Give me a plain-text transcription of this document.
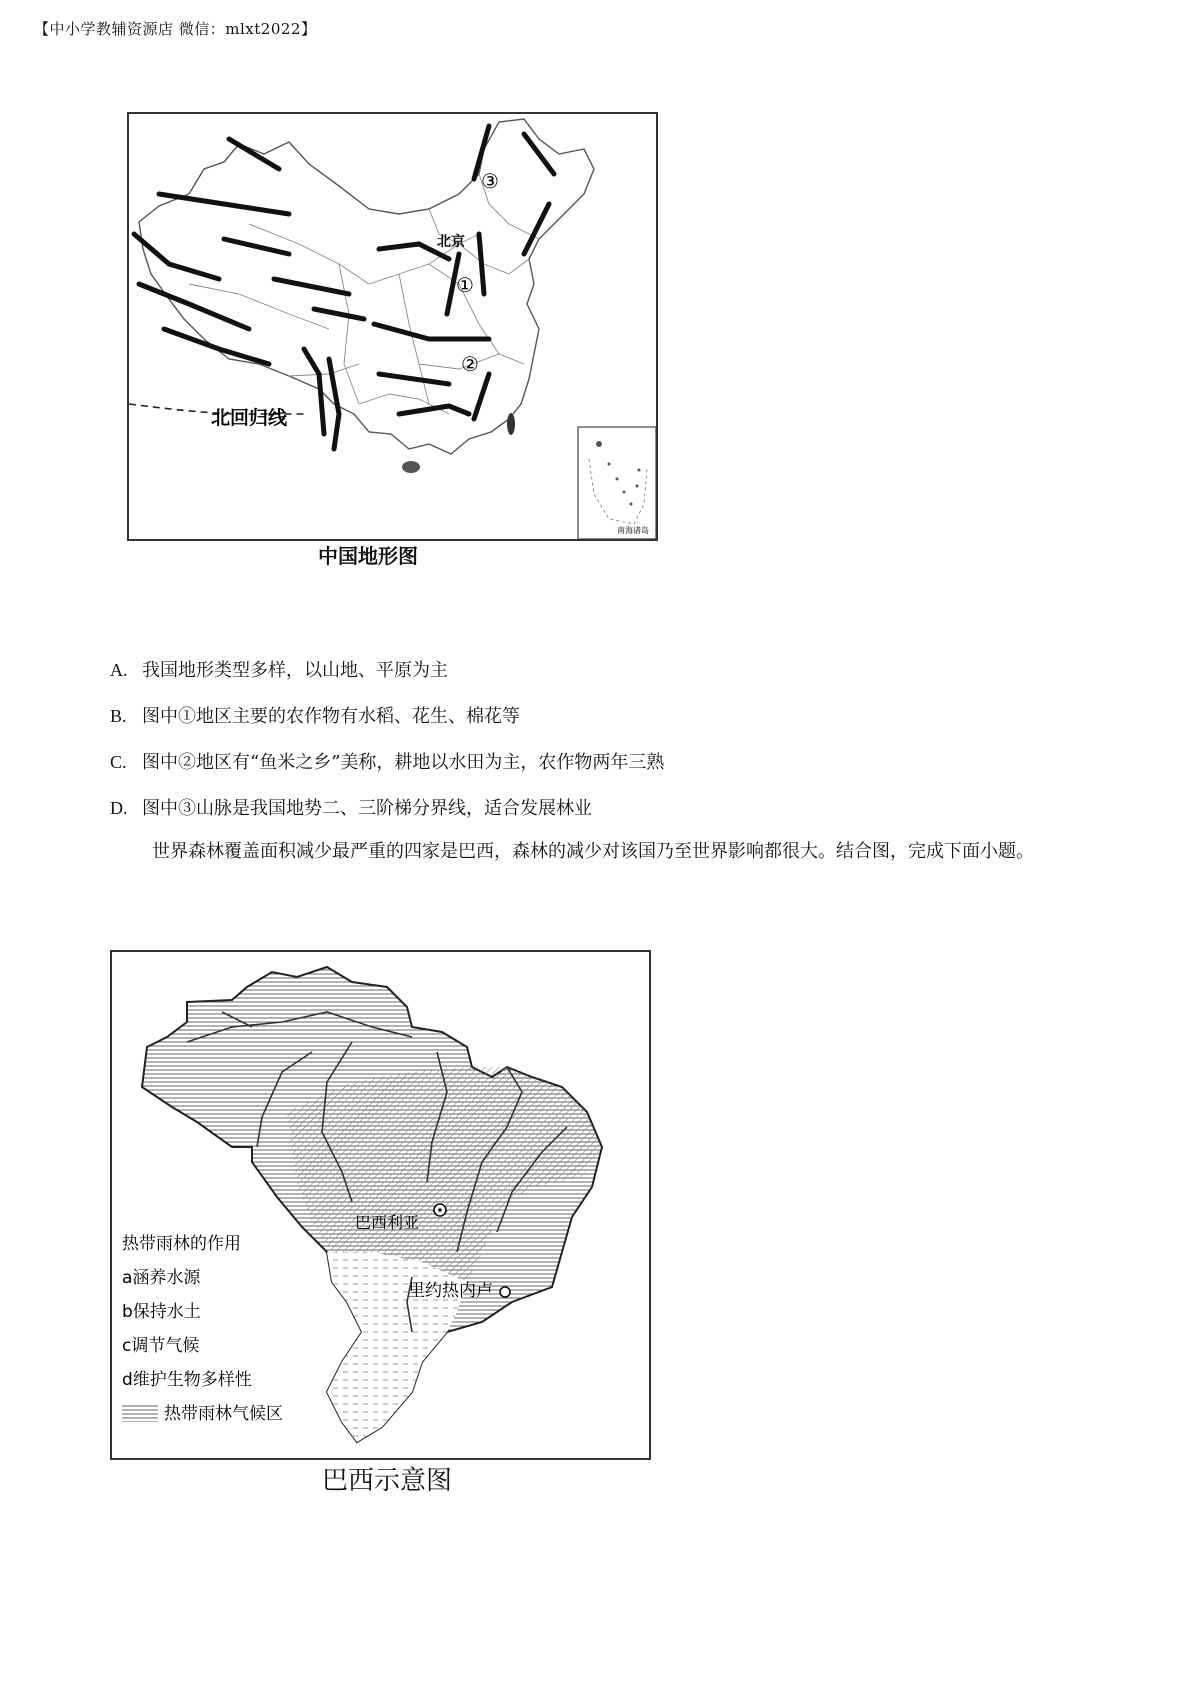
【中小学教辅资源店 微信：mlxt2022】
北回归线
北京
①
②
③
南海诸岛
中国地形图
A. 我国地形类型多样，以山地、平原为主
B. 图中①地区主要的农作物有水稻、花生、棉花等
C. 图中②地区有“鱼米之乡”美称，耕地以水田为主，农作物两年三熟
D. 图中③山脉是我国地势二、三阶梯分界线，适合发展林业
世界森林覆盖面积减少最严重的四家是巴西，森林的减少对该国乃至世界影响都很大。结合图，完成下面小题。
巴西利亚
里约热内卢
热带雨林的作用
a涵养水源
b保持水土
c调节气候
d维护生物多样性
热带雨林气候区
巴西示意图
